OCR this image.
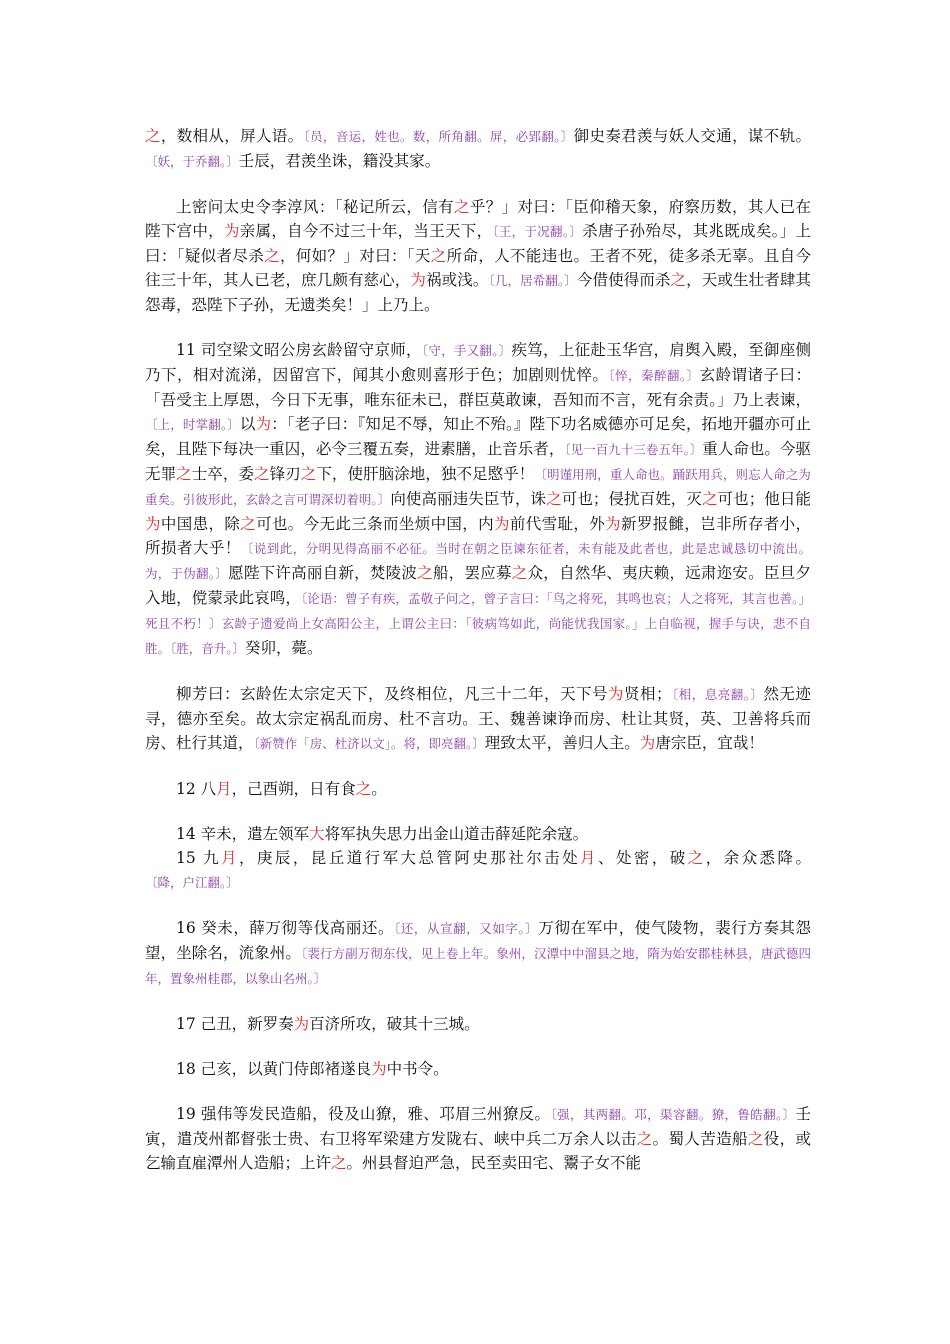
之，数相从，屏人语。〔员，音运，姓也。数，所角翻。屏，必郢翻。〕御史奏君羡与妖人交通，谋不轨。〔妖，于乔翻。〕壬辰，君羡坐诛，籍没其家。

上密问太史令李淳风：「秘记所云，信有之乎？」对曰：「臣仰稽天象，府察历数，其人已在陛下宫中，为亲属，自今不过三十年，当王天下，〔王，于况翻。〕杀唐子孙殆尽，其兆既成矣。」上曰：「疑似者尽杀之，何如？」对曰：「天之所命，人不能违也。王者不死，徒多杀无辜。且自今往三十年，其人已老，庶几颇有慈心，为祸或浅。〔几，居希翻。〕今借使得而杀之，天或生壮者肆其怨毒，恐陛下子孙，无遗类矣！」上乃上。

11 司空梁文昭公房玄龄留守京师，〔守，手又翻。〕疾笃，上征赴玉华宫，肩舆入殿，至御座侧乃下，相对流涕，因留宫下，闻其小愈则喜形于色；加剧则忧悴。〔悴，秦醉翻。〕玄龄谓诸子曰：「吾受主上厚恩，今日下无事，唯东征未已，群臣莫敢谏，吾知而不言，死有余责。」乃上表谏，〔上，时掌翻。〕以为：「老子曰：『知足不辱，知止不殆。』陛下功名威德亦可足矣，拓地开疆亦可止矣，且陛下每决一重囚，必令三覆五奏，进素膳，止音乐者，〔见一百九十三卷五年。〕重人命也。今驱无罪之士卒，委之锋刃之下，使肝脑涂地，独不足愍乎！〔明谨用刑，重人命也。踊跃用兵，则忘人命之为重矣。引彼形此，玄龄之言可谓深切着明。〕向使高丽违失臣节，诛之可也；侵扰百姓，灭之可也；他日能为中国患，除之可也。今无此三条而坐烦中国，内为前代雪耻，外为新罗报雠，岂非所存者小，所损者大乎！〔说到此，分明见得高丽不必征。当时在朝之臣谏东征者，未有能及此者也，此是忠诚恳切中流出。为，于伪翻。〕愿陛下许高丽自新，焚陵波之船，罢应募之众，自然华、夷庆赖，远肃迩安。臣旦夕入地，傥蒙录此哀鸣，〔论语：曾子有疾，孟敬子问之，曾子言曰：「鸟之将死，其鸣也哀；人之将死，其言也善。」死且不朽！〕玄龄子遗爱尚上女高阳公主，上谓公主曰：「彼病笃如此，尚能忧我国家。」上自临视，握手与诀，悲不自胜。〔胜，音升。〕癸卯，薨。

柳芳曰：玄龄佐太宗定天下，及终相位，凡三十二年，天下号为贤相；〔相，息亮翻。〕然无迹寻，德亦至矣。故太宗定祸乱而房、杜不言功。王、魏善谏诤而房、杜让其贤，英、卫善将兵而房、杜行其道，〔新赞作「房、杜济以文」。将，即亮翻。〕理致太平，善归人主。为唐宗臣，宜哉！

12 八月，己酉朔，日有食之。

14 辛未，遣左领军大将军执失思力出金山道击薛延陀余寇。

15 九月，庚辰，昆丘道行军大总管阿史那社尔击处月、处密，破之，余众悉降。〔降，户江翻。〕

16 癸未，薛万彻等伐高丽还。〔还，从宣翻，又如字。〕万彻在军中，使气陵物，裴行方奏其怨望，坐除名，流象州。〔裴行方副万彻东伐，见上卷上年。象州，汉潭中中溜县之地，隋为始安郡桂林县，唐武德四年，置象州桂郡，以象山名州。〕

17 己丑，新罗奏为百济所攻，破其十三城。

18 己亥，以黄门侍郎褚遂良为中书令。

19 强伟等发民造船，役及山獠，雅、邛眉三州獠反。〔强，其两翻。邛，渠容翻。獠，鲁皓翻。〕壬寅，遣茂州都督张士贵、右卫将军梁建方发陇右、峡中兵二万余人以击之。蜀人苦造船之役，或乞输直雇潭州人造船；上许之。州县督迫严急，民至卖田宅、鬻子女不能
